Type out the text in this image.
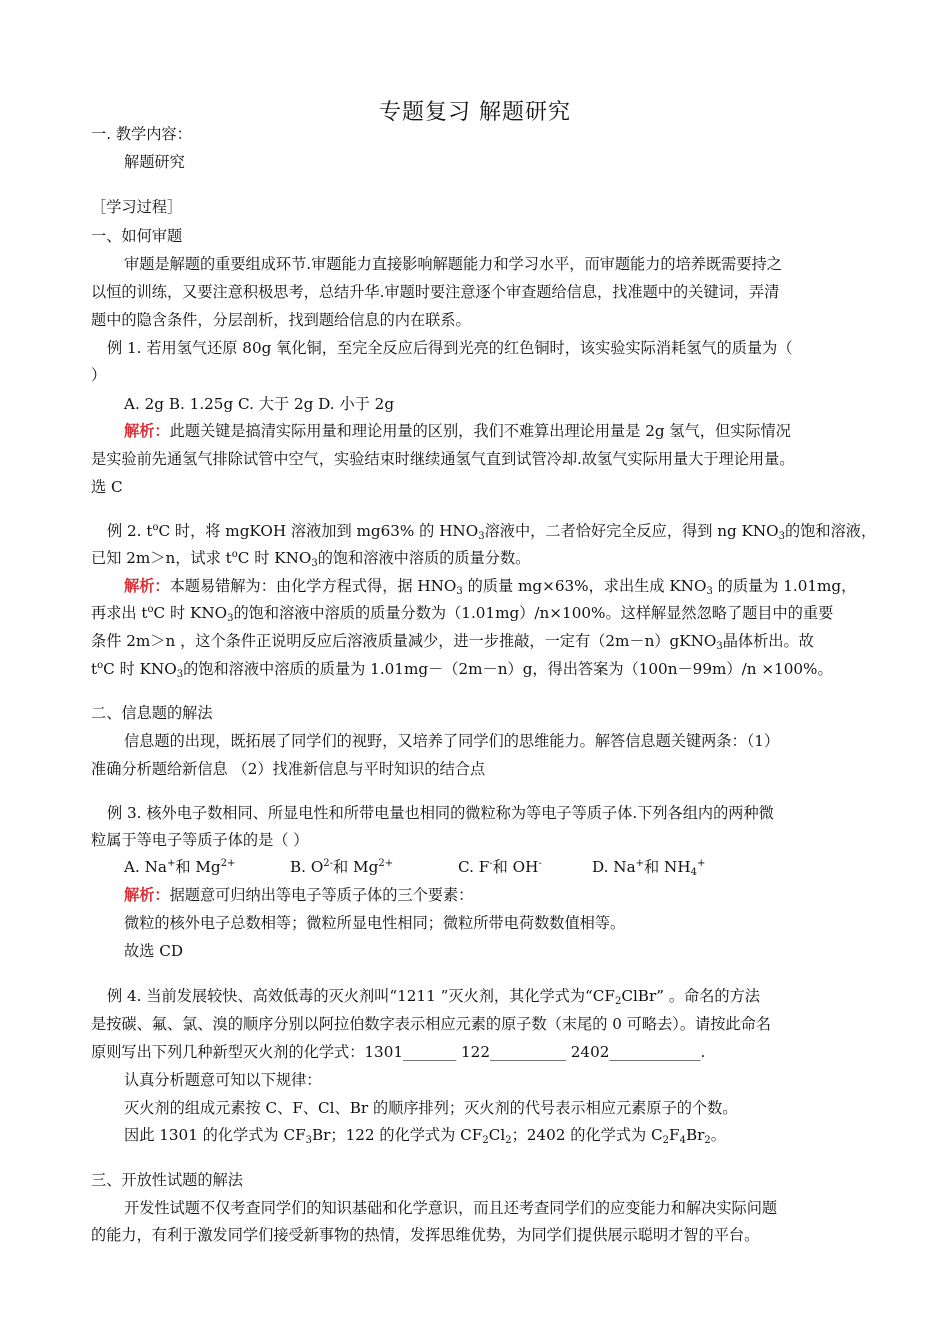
专题复习 解题研究
一. 教学内容：
解题研究
［学习过程］
一、如何审题
审题是解题的重要组成环节.审题能力直接影响解题能力和学习水平，而审题能力的培养既需要持之
以恒的训练，又要注意积极思考，总结升华.审题时要注意逐个审查题给信息，找准题中的关键词，弄清
题中的隐含条件，分层剖析，找到题给信息的内在联系。
例 1. 若用氢气还原 80g 氧化铜，至完全反应后得到光亮的红色铜时，该实验实际消耗氢气的质量为（
）
A. 2g B. 1.25g C. 大于 2g D. 小于 2g
解析：此题关键是搞清实际用量和理论用量的区别，我们不难算出理论用量是 2g 氢气，但实际情况
是实验前先通氢气排除试管中空气，实验结束时继续通氢气直到试管冷却.故氢气实际用量大于理论用量。
选 C
例 2. $t^oC$ 时，将 mgKOH 溶液加到 mg63% 的 $HNO_3$溶液中，二者恰好完全反应，得到 ng $KNO_3$的饱和溶液，
已知 2m＞n，试求 $t^oC$ 时 $KNO_3$的饱和溶液中溶质的质量分数。
解析：本题易错解为：由化学方程式得，据 $HNO_3$ 的质量 mg×63%，求出生成 $KNO_3$ 的质量为 1.01mg，
再求出 $t^oC$ 时 $KNO_3$的饱和溶液中溶质的质量分数为（1.01mg）/n×100%。这样解显然忽略了题目中的重要
条件 2m＞n ，这个条件正说明反应后溶液质量减少，进一步推敲，一定有（2m－n）gKNO$_3$晶体析出。故
$t^oC$ 时 $KNO_3$的饱和溶液中溶质的质量为 1.01mg－（2m－n）g，得出答案为（100n－99m）/n ×100%。
二、信息题的解法
信息题的出现，既拓展了同学们的视野，又培养了同学们的思维能力。解答信息题关键两条：（1）
准确分析题给新信息 （2）找准新信息与平时知识的结合点
例 3. 核外电子数相同、所显电性和所带电量也相同的微粒称为等电子等质子体.下列各组内的两种微
粒属于等电子等质子体的是（ ）
A. Na+和 $Mg^{2+}$	B. $O^{2-}$和 $Mg^{2+}$	C. F-和 OH-	D. Na+和 $NH_4^+$
解析：据题意可归纳出等电子等质子体的三个要素：
微粒的核外电子总数相等；微粒所显电性相同；微粒所带电荷数数值相等。
故选 CD
例 4. 当前发展较快、高效低毒的灭火剂叫“1211 ”灭火剂，其化学式为“$CF_2ClBr$” 。命名的方法
是按碳、氟、氯、溴的顺序分别以阿拉伯数字表示相应元素的原子数（末尾的 0 可略去）。请按此命名
原则写出下列几种新型灭火剂的化学式：1301_______ 122__________ 2402____________.
认真分析题意可知以下规律：
灭火剂的组成元素按 C、F、Cl、Br 的顺序排列；灭火剂的代号表示相应元素原子的个数。
因此 1301 的化学式为 $CF_3Br$；122 的化学式为 $CF_2Cl_2$；2402 的化学式为 $C_2F_4Br_2$。
三、开放性试题的解法
开发性试题不仅考查同学们的知识基础和化学意识，而且还考查同学们的应变能力和解决实际问题
的能力，有利于激发同学们接受新事物的热情，发挥思维优势，为同学们提供展示聪明才智的平台。
